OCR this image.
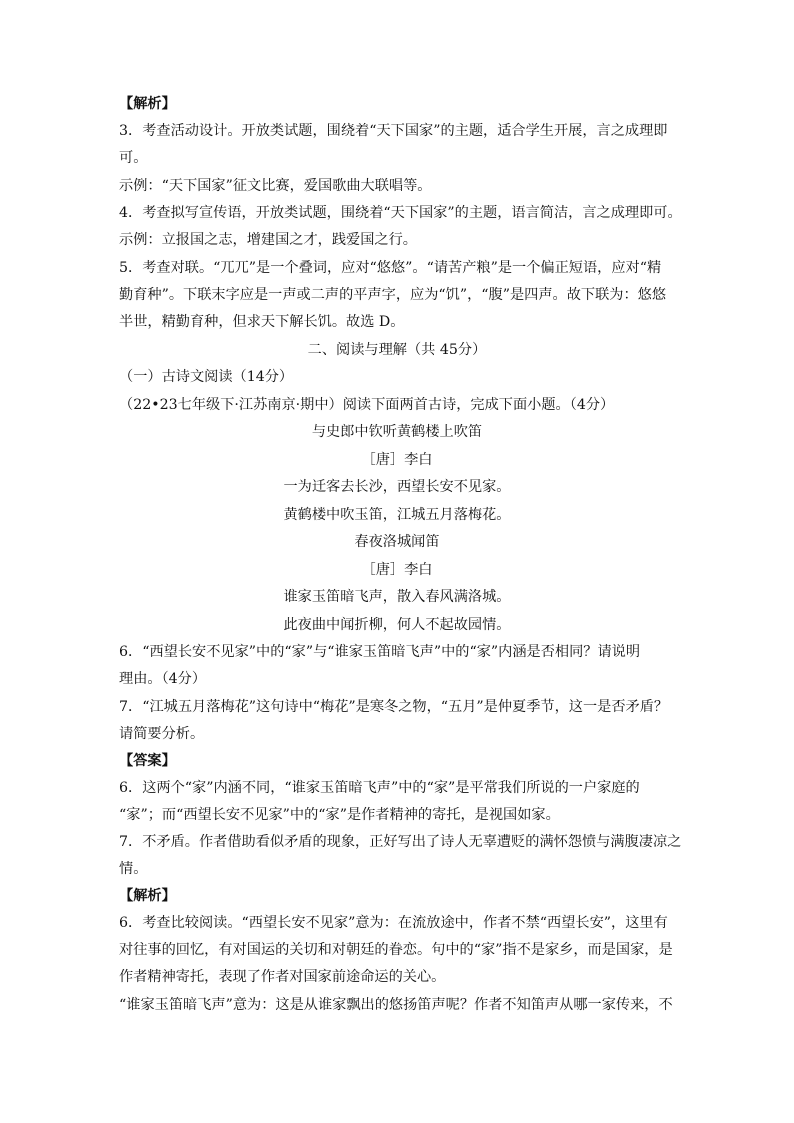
【解析】
3．考查活动设计。开放类试题，围绕着“天下国家”的主题，适合学生开展，言之成理即
可。
示例：“天下国家”征文比赛，爱国歌曲大联唱等。
4．考查拟写宣传语，开放类试题，围绕着“天下国家”的主题，语言简洁，言之成理即可。
示例：立报国之志，增建国之才，践爱国之行。
5．考查对联。“兀兀”是一个叠词，应对“悠悠”。“请苦产粮”是一个偏正短语，应对“精
勤育种”。下联末字应是一声或二声的平声字，应为“饥”，“腹”是四声。故下联为：悠悠
半世，精勤育种，但求天下解长饥。故选 D。
二、阅读与理解（共 45分）
（一）古诗文阅读（14分）
（22•23七年级下·江苏南京·期中）阅读下面两首古诗，完成下面小题。（4分）
与史郎中钦听黄鹤楼上吹笛
［唐］李白
一为迁客去长沙，西望长安不见家。
黄鹤楼中吹玉笛，江城五月落梅花。
春夜洛城闻笛
［唐］李白
谁家玉笛暗飞声，散入春风满洛城。
此夜曲中闻折柳，何人不起故园情。
6．“西望长安不见家”中的“家”与“谁家玉笛暗飞声”中的“家”内涵是否相同？请说明
理由。（4分）
7．“江城五月落梅花”这句诗中“梅花”是寒冬之物，“五月”是仲夏季节，这一是否矛盾？
请简要分析。
【答案】
6．这两个“家”内涵不同，“谁家玉笛暗飞声”中的“家”是平常我们所说的一户家庭的
“家”；而“西望长安不见家”中的“家”是作者精神的寄托，是视国如家。
7．不矛盾。作者借助看似矛盾的现象，正好写出了诗人无辜遭贬的满怀怨愤与满腹凄凉之
情。
【解析】
6．考查比较阅读。“西望长安不见家”意为：在流放途中，作者不禁“西望长安”，这里有
对往事的回忆，有对国运的关切和对朝廷的眷恋。句中的“家”指不是家乡，而是国家，是
作者精神寄托，表现了作者对国家前途命运的关心。
“谁家玉笛暗飞声”意为：这是从谁家飘出的悠扬笛声呢？作者不知笛声从哪一家传来，不
